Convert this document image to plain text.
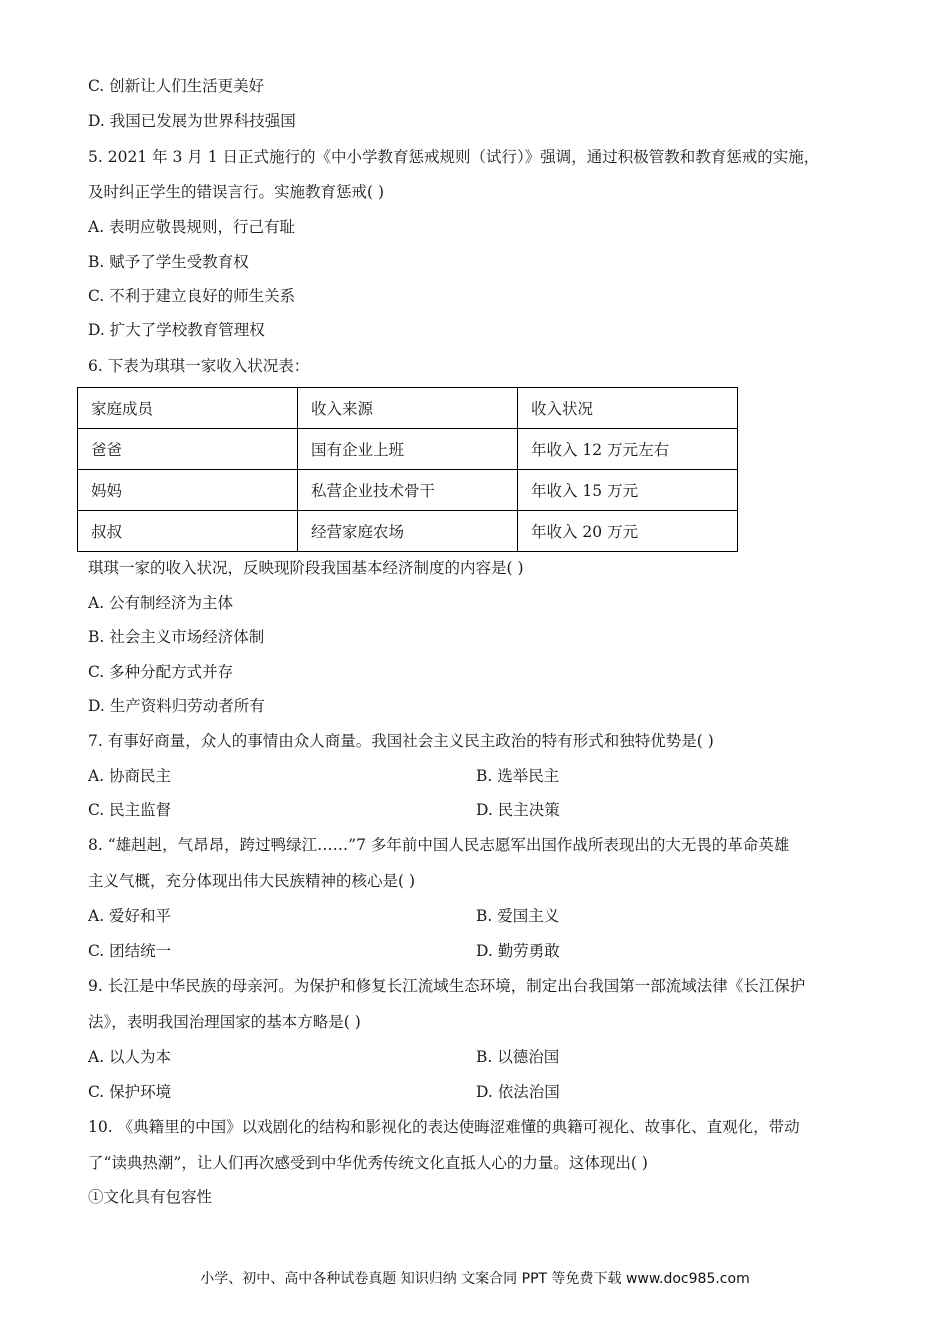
C. 创新让人们生活更美好
D. 我国已发展为世界科技强国
5. 2021 年 3 月 1 日正式施行的《中小学教育惩戒规则（试行）》强调，通过积极管教和教育惩戒的实施，
及时纠正学生的错误言行。实施教育惩戒( )
A. 表明应敬畏规则，行己有耻
B. 赋予了学生受教育权
C. 不利于建立良好的师生关系
D. 扩大了学校教育管理权
6. 下表为琪琪一家收入状况表：
家庭成员	收入来源	收入状况
爸爸	国有企业上班	年收入 12 万元左右
妈妈	私营企业技术骨干	年收入 15 万元
叔叔	经营家庭农场	年收入 20 万元
琪琪一家的收入状况，反映现阶段我国基本经济制度的内容是( )
A. 公有制经济为主体
B. 社会主义市场经济体制
C. 多种分配方式并存
D. 生产资料归劳动者所有
7. 有事好商量，众人的事情由众人商量。我国社会主义民主政治的特有形式和独特优势是( )
A. 协商民主	B. 选举民主
C. 民主监督	D. 民主决策
8. “雄赳赳，气昂昂，跨过鸭绿江……”7 多年前中国人民志愿军出国作战所表现出的大无畏的革命英雄
主义气概，充分体现出伟大民族精神的核心是( )
A. 爱好和平	B. 爱国主义
C. 团结统一	D. 勤劳勇敢
9. 长江是中华民族的母亲河。为保护和修复长江流域生态环境，制定出台我国第一部流域法律《长江保护
法》，表明我国治理国家的基本方略是( )
A. 以人为本	B. 以德治国
C. 保护环境	D. 依法治国
10. 《典籍里的中国》以戏剧化的结构和影视化的表达使晦涩难懂的典籍可视化、故事化、直观化，带动
了“读典热潮”，让人们再次感受到中华优秀传统文化直抵人心的力量。这体现出( )
①文化具有包容性
小学、初中、高中各种试卷真题 知识归纳 文案合同 PPT 等免费下载 www.doc985.com
